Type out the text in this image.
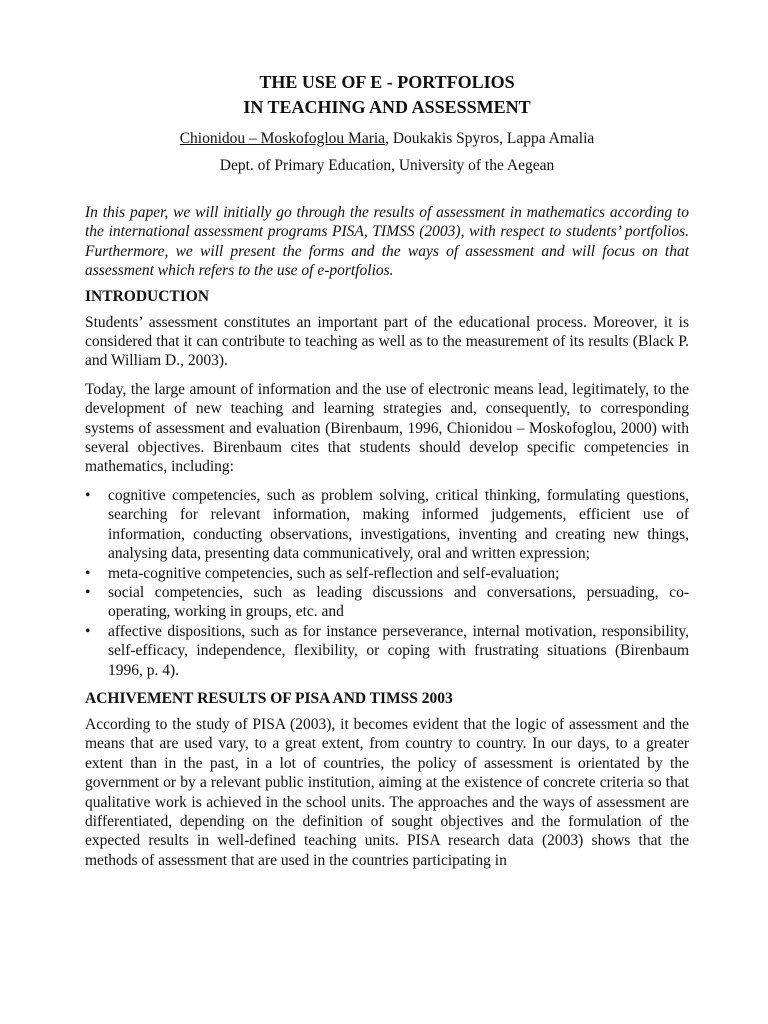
THE USE OF E - PORTFOLIOS
IN TEACHING AND ASSESSMENT
Chionidou – Moskofoglou Maria, Doukakis Spyros, Lappa Amalia
Dept. of Primary Education, University of the Aegean
In this paper, we will initially go through the results of assessment in mathematics according to the international assessment programs PISA, TIMSS (2003), with respect to students’ portfolios. Furthermore, we will present the forms and the ways of assessment and will focus on that assessment which refers to the use of e-portfolios.
INTRODUCTION

Students’ assessment constitutes an important part of the educational process. Moreover, it is considered that it can contribute to teaching as well as to the measurement of its results (Black P. and William D., 2003).

Today, the large amount of information and the use of electronic means lead, legitimately, to the development of new teaching and learning strategies and, consequently, to corresponding systems of assessment and evaluation (Birenbaum, 1996, Chionidou – Moskofoglou, 2000) with several objectives. Birenbaum cites that students should develop specific competencies in mathematics, including:

• cognitive competencies, such as problem solving, critical thinking, formulating questions, searching for relevant information, making informed judgements, efficient use of information, conducting observations, investigations, inventing and creating new things, analysing data, presenting data communicatively, oral and written expression;
• meta-cognitive competencies, such as self-reflection and self-evaluation;
• social competencies, such as leading discussions and conversations, persuading, co-operating, working in groups, etc. and
• affective dispositions, such as for instance perseverance, internal motivation, responsibility, self-efficacy, independence, flexibility, or coping with frustrating situations (Birenbaum 1996, p. 4).
ACHIVEMENT RESULTS OF PISA AND TIMSS 2003

According to the study of PISA (2003), it becomes evident that the logic of assessment and the means that are used vary, to a great extent, from country to country. In our days, to a greater extent than in the past, in a lot of countries, the policy of assessment is orientated by the government or by a relevant public institution, aiming at the existence of concrete criteria so that qualitative work is achieved in the school units. The approaches and the ways of assessment are differentiated, depending on the definition of sought objectives and the formulation of the expected results in well-defined teaching units. PISA research data (2003) shows that the methods of assessment that are used in the countries participating in
